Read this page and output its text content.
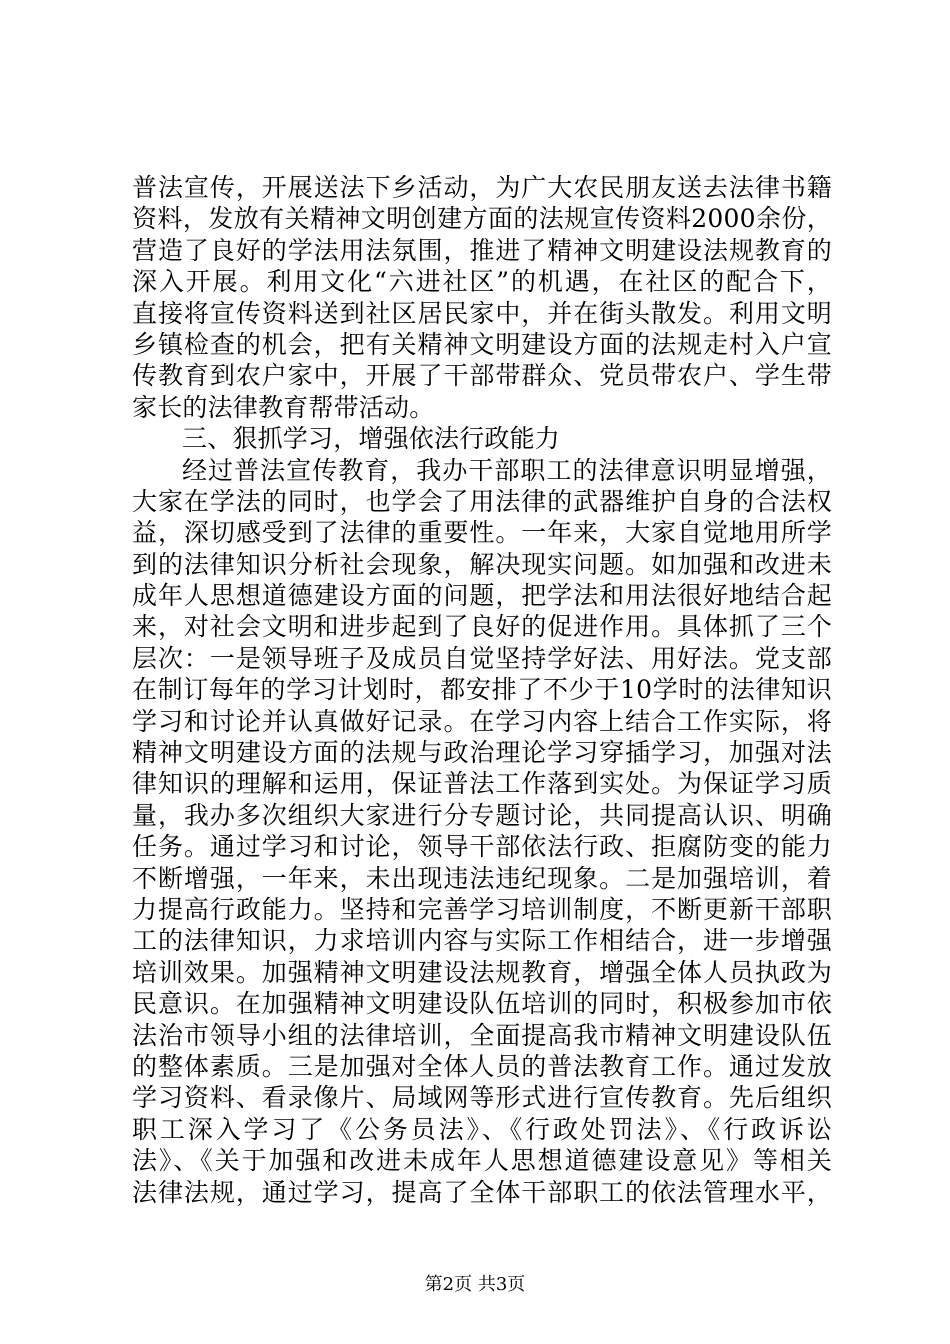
普法宣传，开展送法下乡活动，为广大农民朋友送去法律书籍
资料，发放有关精神文明创建方面的法规宣传资料2000余份，
营造了良好的学法用法氛围，推进了精神文明建设法规教育的
深入开展。利用文化“六进社区”的机遇，在社区的配合下，
直接将宣传资料送到社区居民家中，并在街头散发。利用文明
乡镇检查的机会，把有关精神文明建设方面的法规走村入户宣
传教育到农户家中，开展了干部带群众、党员带农户、学生带
家长的法律教育帮带活动。
三、狠抓学习，增强依法行政能力
经过普法宣传教育，我办干部职工的法律意识明显增强，
大家在学法的同时，也学会了用法律的武器维护自身的合法权
益，深切感受到了法律的重要性。一年来，大家自觉地用所学
到的法律知识分析社会现象，解决现实问题。如加强和改进未
成年人思想道德建设方面的问题，把学法和用法很好地结合起
来，对社会文明和进步起到了良好的促进作用。具体抓了三个
层次：一是领导班子及成员自觉坚持学好法、用好法。党支部
在制订每年的学习计划时，都安排了不少于10学时的法律知识
学习和讨论并认真做好记录。在学习内容上结合工作实际，将
精神文明建设方面的法规与政治理论学习穿插学习，加强对法
律知识的理解和运用，保证普法工作落到实处。为保证学习质
量，我办多次组织大家进行分专题讨论，共同提高认识、明确
任务。通过学习和讨论，领导干部依法行政、拒腐防变的能力
不断增强，一年来，未出现违法违纪现象。二是加强培训，着
力提高行政能力。坚持和完善学习培训制度，不断更新干部职
工的法律知识，力求培训内容与实际工作相结合，进一步增强
培训效果。加强精神文明建设法规教育，增强全体人员执政为
民意识。在加强精神文明建设队伍培训的同时，积极参加市依
法治市领导小组的法律培训，全面提高我市精神文明建设队伍
的整体素质。三是加强对全体人员的普法教育工作。通过发放
学习资料、看录像片、局域网等形式进行宣传教育。先后组织
职工深入学习了《公务员法》、《行政处罚法》、《行政诉讼
法》、《关于加强和改进未成年人思想道德建设意见》等相关
法律法规，通过学习，提高了全体干部职工的依法管理水平，
第2页 共3页
